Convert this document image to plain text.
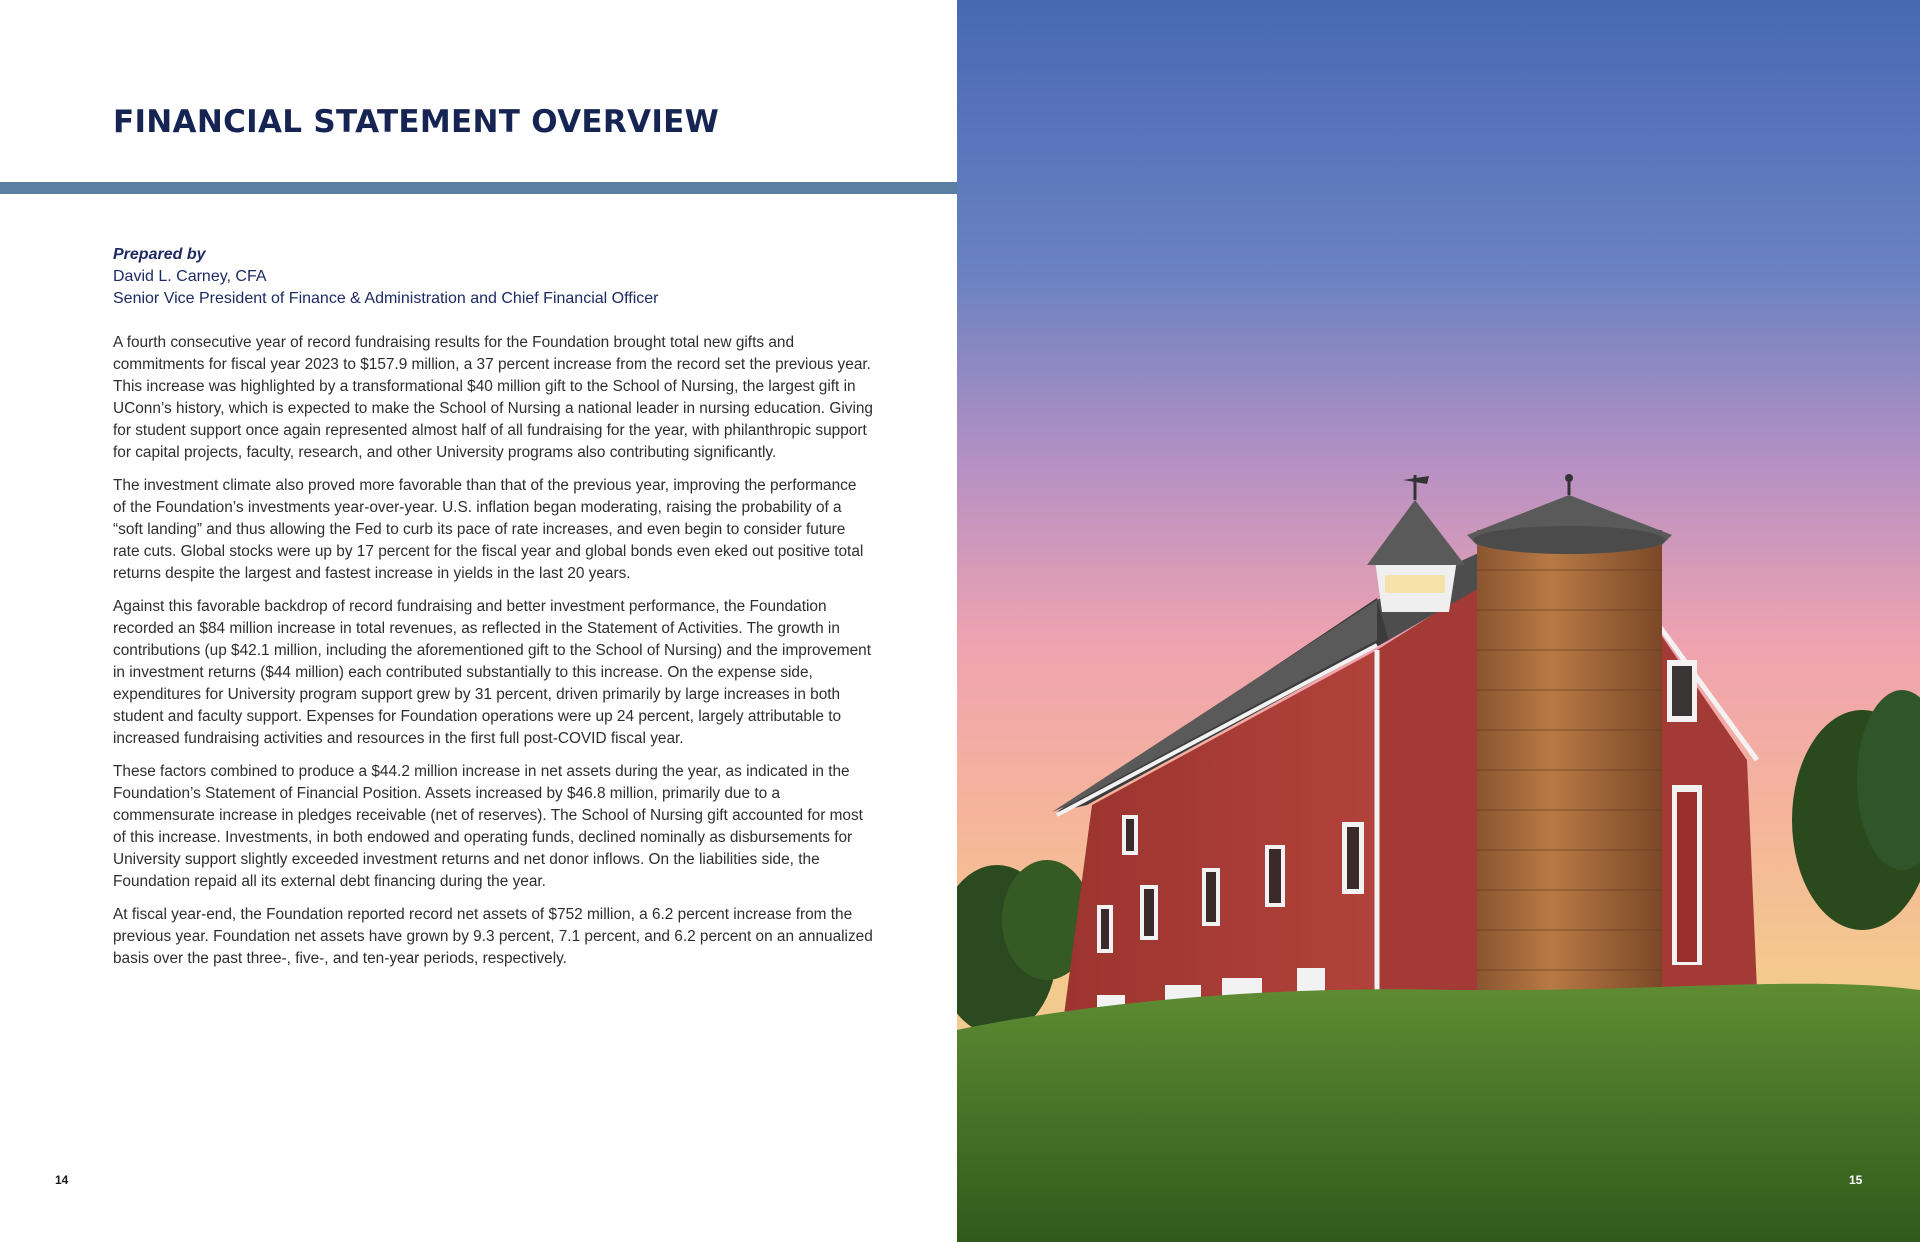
FINANCIAL STATEMENT OVERVIEW
Prepared by
David L. Carney, CFA
Senior Vice President of Finance & Administration and Chief Financial Officer

A fourth consecutive year of record fundraising results for the Foundation brought total new gifts and commitments for fiscal year 2023 to $157.9 million, a 37 percent increase from the record set the previous year. This increase was highlighted by a transformational $40 million gift to the School of Nursing, the largest gift in UConn’s history, which is expected to make the School of Nursing a national leader in nursing education. Giving for student support once again represented almost half of all fundraising for the year, with philanthropic support for capital projects, faculty, research, and other University programs also contributing significantly.

The investment climate also proved more favorable than that of the previous year, improving the performance of the Foundation’s investments year-over-year. U.S. inflation began moderating, raising the probability of a “soft landing” and thus allowing the Fed to curb its pace of rate increases, and even begin to consider future rate cuts. Global stocks were up by 17 percent for the fiscal year and global bonds even eked out positive total returns despite the largest and fastest increase in yields in the last 20 years.

Against this favorable backdrop of record fundraising and better investment performance, the Foundation recorded an $84 million increase in total revenues, as reflected in the Statement of Activities. The growth in contributions (up $42.1 million, including the aforementioned gift to the School of Nursing) and the improvement in investment returns ($44 million) each contributed substantially to this increase. On the expense side, expenditures for University program support grew by 31 percent, driven primarily by large increases in both student and faculty support. Expenses for Foundation operations were up 24 percent, largely attributable to increased fundraising activities and resources in the first full post-COVID fiscal year.

These factors combined to produce a $44.2 million increase in net assets during the year, as indicated in the Foundation’s Statement of Financial Position. Assets increased by $46.8 million, primarily due to a commensurate increase in pledges receivable (net of reserves). The School of Nursing gift accounted for most of this increase. Investments, in both endowed and operating funds, declined nominally as disbursements for University support slightly exceeded investment returns and net donor inflows. On the liabilities side, the Foundation repaid all its external debt financing during the year.

At fiscal year-end, the Foundation reported record net assets of $752 million, a 6.2 percent increase from the previous year. Foundation net assets have grown by 9.3 percent, 7.1 percent, and 6.2 percent on an annualized basis over the past three-, five-, and ten-year periods, respectively.

14	15
